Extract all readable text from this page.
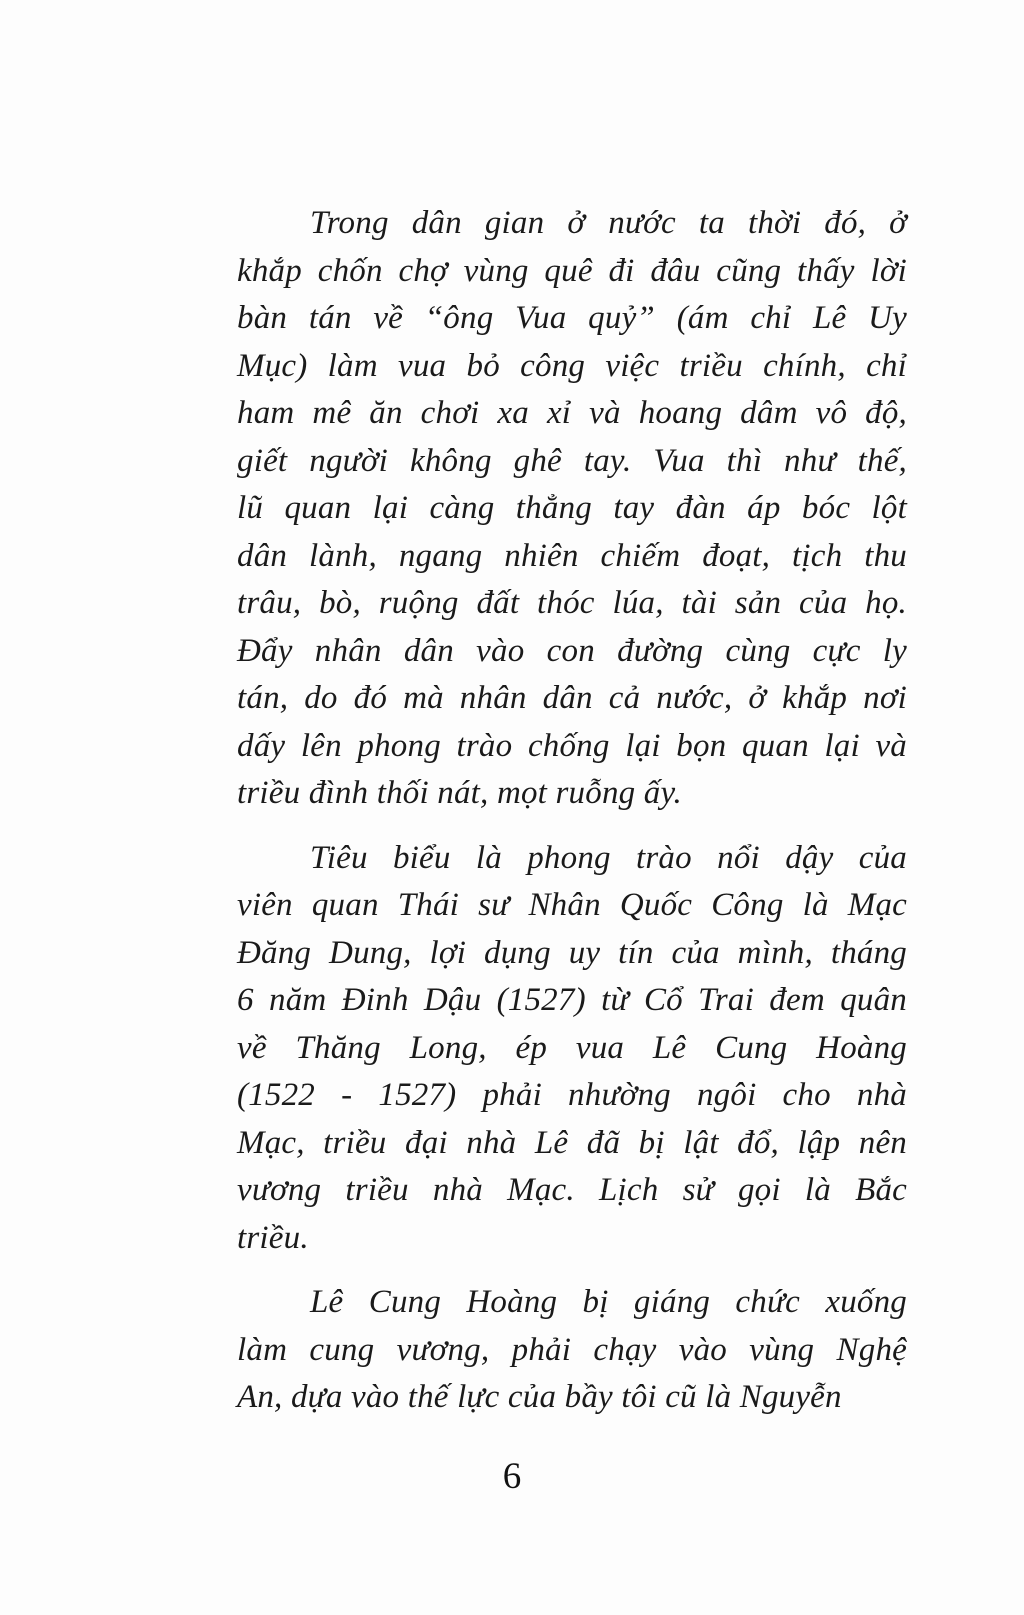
Trong dân gian ở nước ta thời đó, ở
khắp chốn chợ vùng quê đi đâu cũng thấy lời
bàn tán về “ông Vua quỷ” (ám chỉ Lê Uy
Mục) làm vua bỏ công việc triều chính, chỉ
ham mê ăn chơi xa xỉ và hoang dâm vô độ,
giết người không ghê tay. Vua thì như thế,
lũ quan lại càng thẳng tay đàn áp bóc lột
dân lành, ngang nhiên chiếm đoạt, tịch thu
trâu, bò, ruộng đất thóc lúa, tài sản của họ.
Đẩy nhân dân vào con đường cùng cực ly
tán, do đó mà nhân dân cả nước, ở khắp nơi
dấy lên phong trào chống lại bọn quan lại và
triều đình thối nát, mọt ruỗng ấy.
Tiêu biểu là phong trào nổi dậy của
viên quan Thái sư Nhân Quốc Công là Mạc
Đăng Dung, lợi dụng uy tín của mình, tháng
6 năm Đinh Dậu (1527) từ Cổ Trai đem quân
về Thăng Long, ép vua Lê Cung Hoàng
(1522 - 1527) phải nhường ngôi cho nhà
Mạc, triều đại nhà Lê đã bị lật đổ, lập nên
vương triều nhà Mạc. Lịch sử gọi là Bắc
triều.
Lê Cung Hoàng bị giáng chức xuống
làm cung vương, phải chạy vào vùng Nghệ
An, dựa vào thế lực của bầy tôi cũ là Nguyễn
6
